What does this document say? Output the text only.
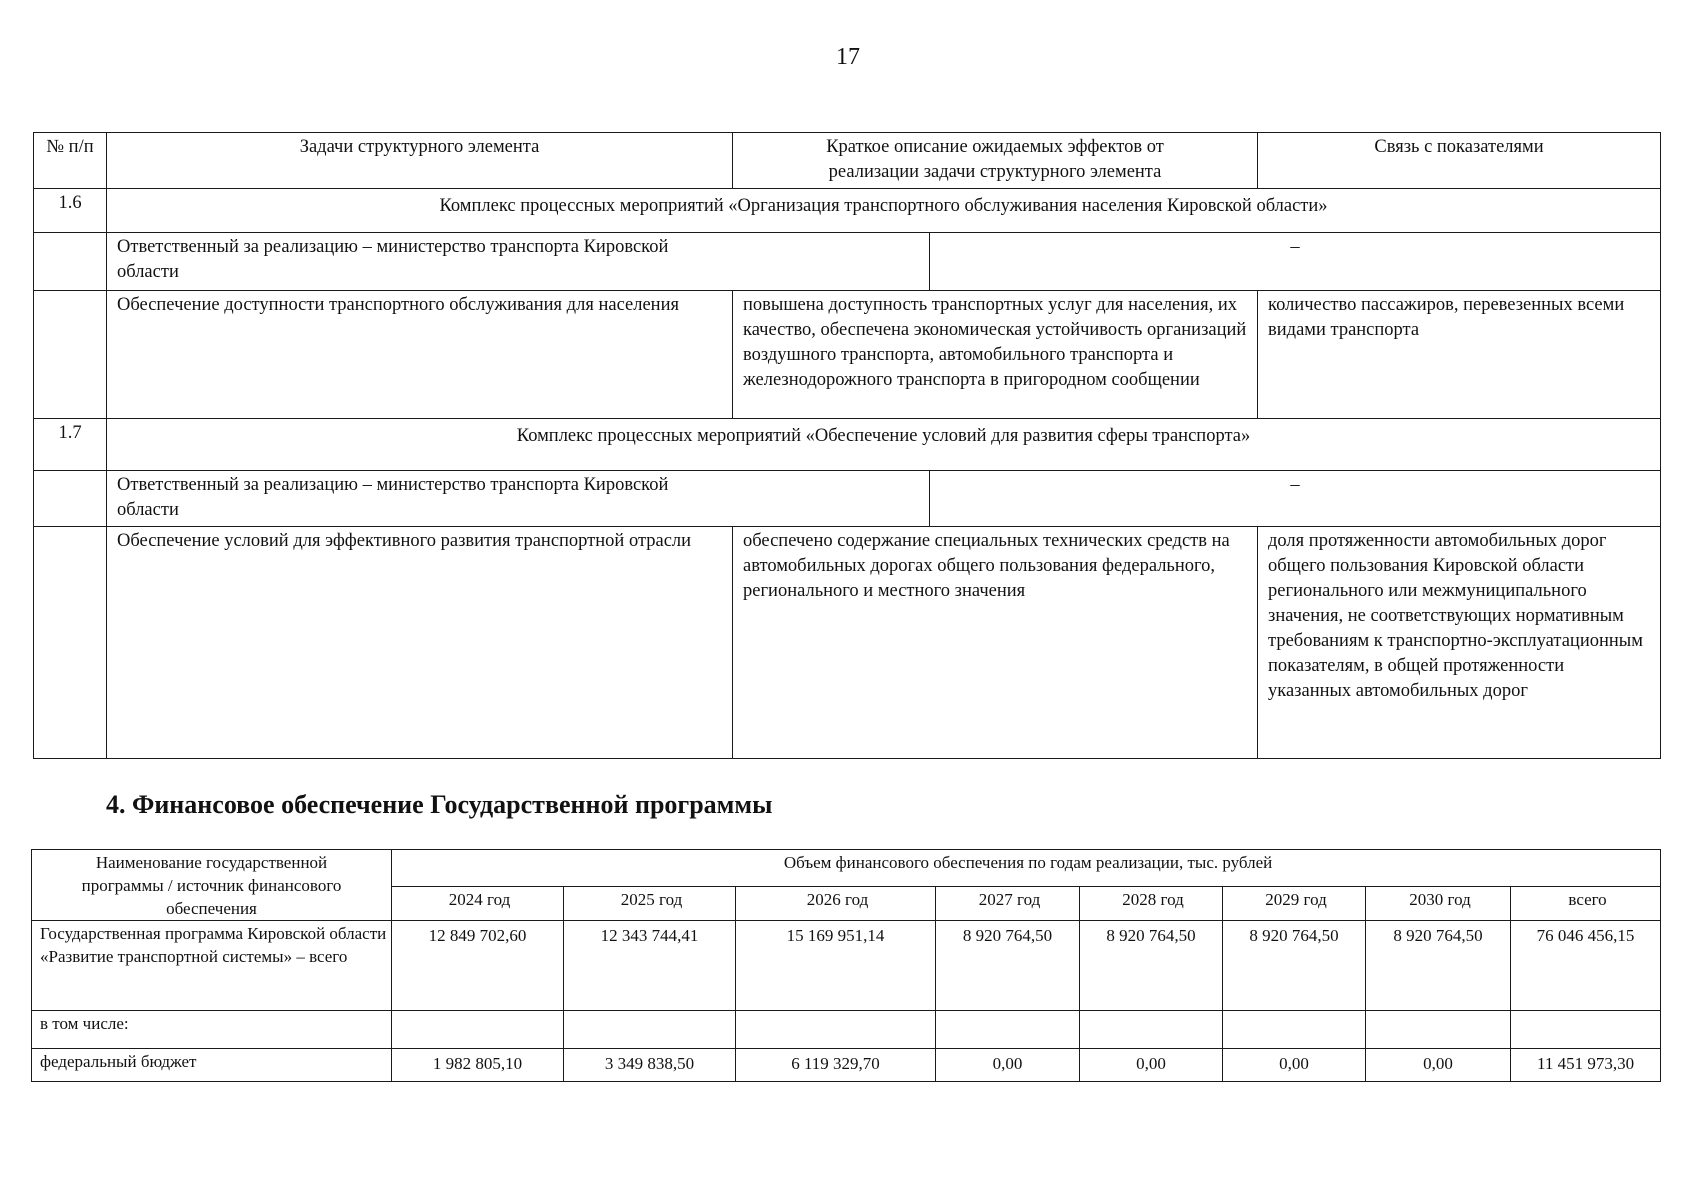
17
№ п/п	Задачи структурного элемента	Краткое описание ожидаемых эффектов от реализации задачи структурного элемента		Связь с показателями
1.6	Комплекс процессных мероприятий «Организация транспортного обслуживания населения Кировской области»			
	Ответственный за реализацию – министерство транспорта Кировской области		–	
	Обеспечение доступности транспортного обслуживания для населения	повышена доступность транспортных услуг для населения, их качество, обеспечена экономическая устойчивость организаций воздушного транспорта, автомобильного транспорта и железнодорожного транспорта в пригородном сообщении		количество пассажиров, перевезенных всеми видами транспорта
1.7	Комплекс процессных мероприятий «Обеспечение условий для развития сферы транспорта»			
	Ответственный за реализацию – министерство транспорта Кировской области		–	
	Обеспечение условий для эффективного развития транспортной отрасли	обеспечено содержание специальных технических средств на автомобильных дорогах общего пользования федерального, регионального и местного значения		доля протяженности автомобильных дорог общего пользования Кировской области регионального или межмуниципального значения, не соответствующих нормативным требованиям к транспортно-эксплуатационным показателям, в общей протяженности указанных автомобильных дорог
4. Финансовое обеспечение Государственной программы
Наименование государственной программы / источник финансового обеспечения	Объем финансового обеспечения по годам реализации, тыс. рублей							
	2024 год	2025 год	2026 год	2027 год	2028 год	2029 год	2030 год	всего
Государственная программа Кировской области «Развитие транспортной системы» – всего	12 849 702,60	12 343 744,41	15 169 951,14	8 920 764,50	8 920 764,50	8 920 764,50	8 920 764,50	76 046 456,15
в том числе:								
федеральный бюджет	1 982 805,10	3 349 838,50	6 119 329,70	0,00	0,00	0,00	0,00	11 451 973,30
